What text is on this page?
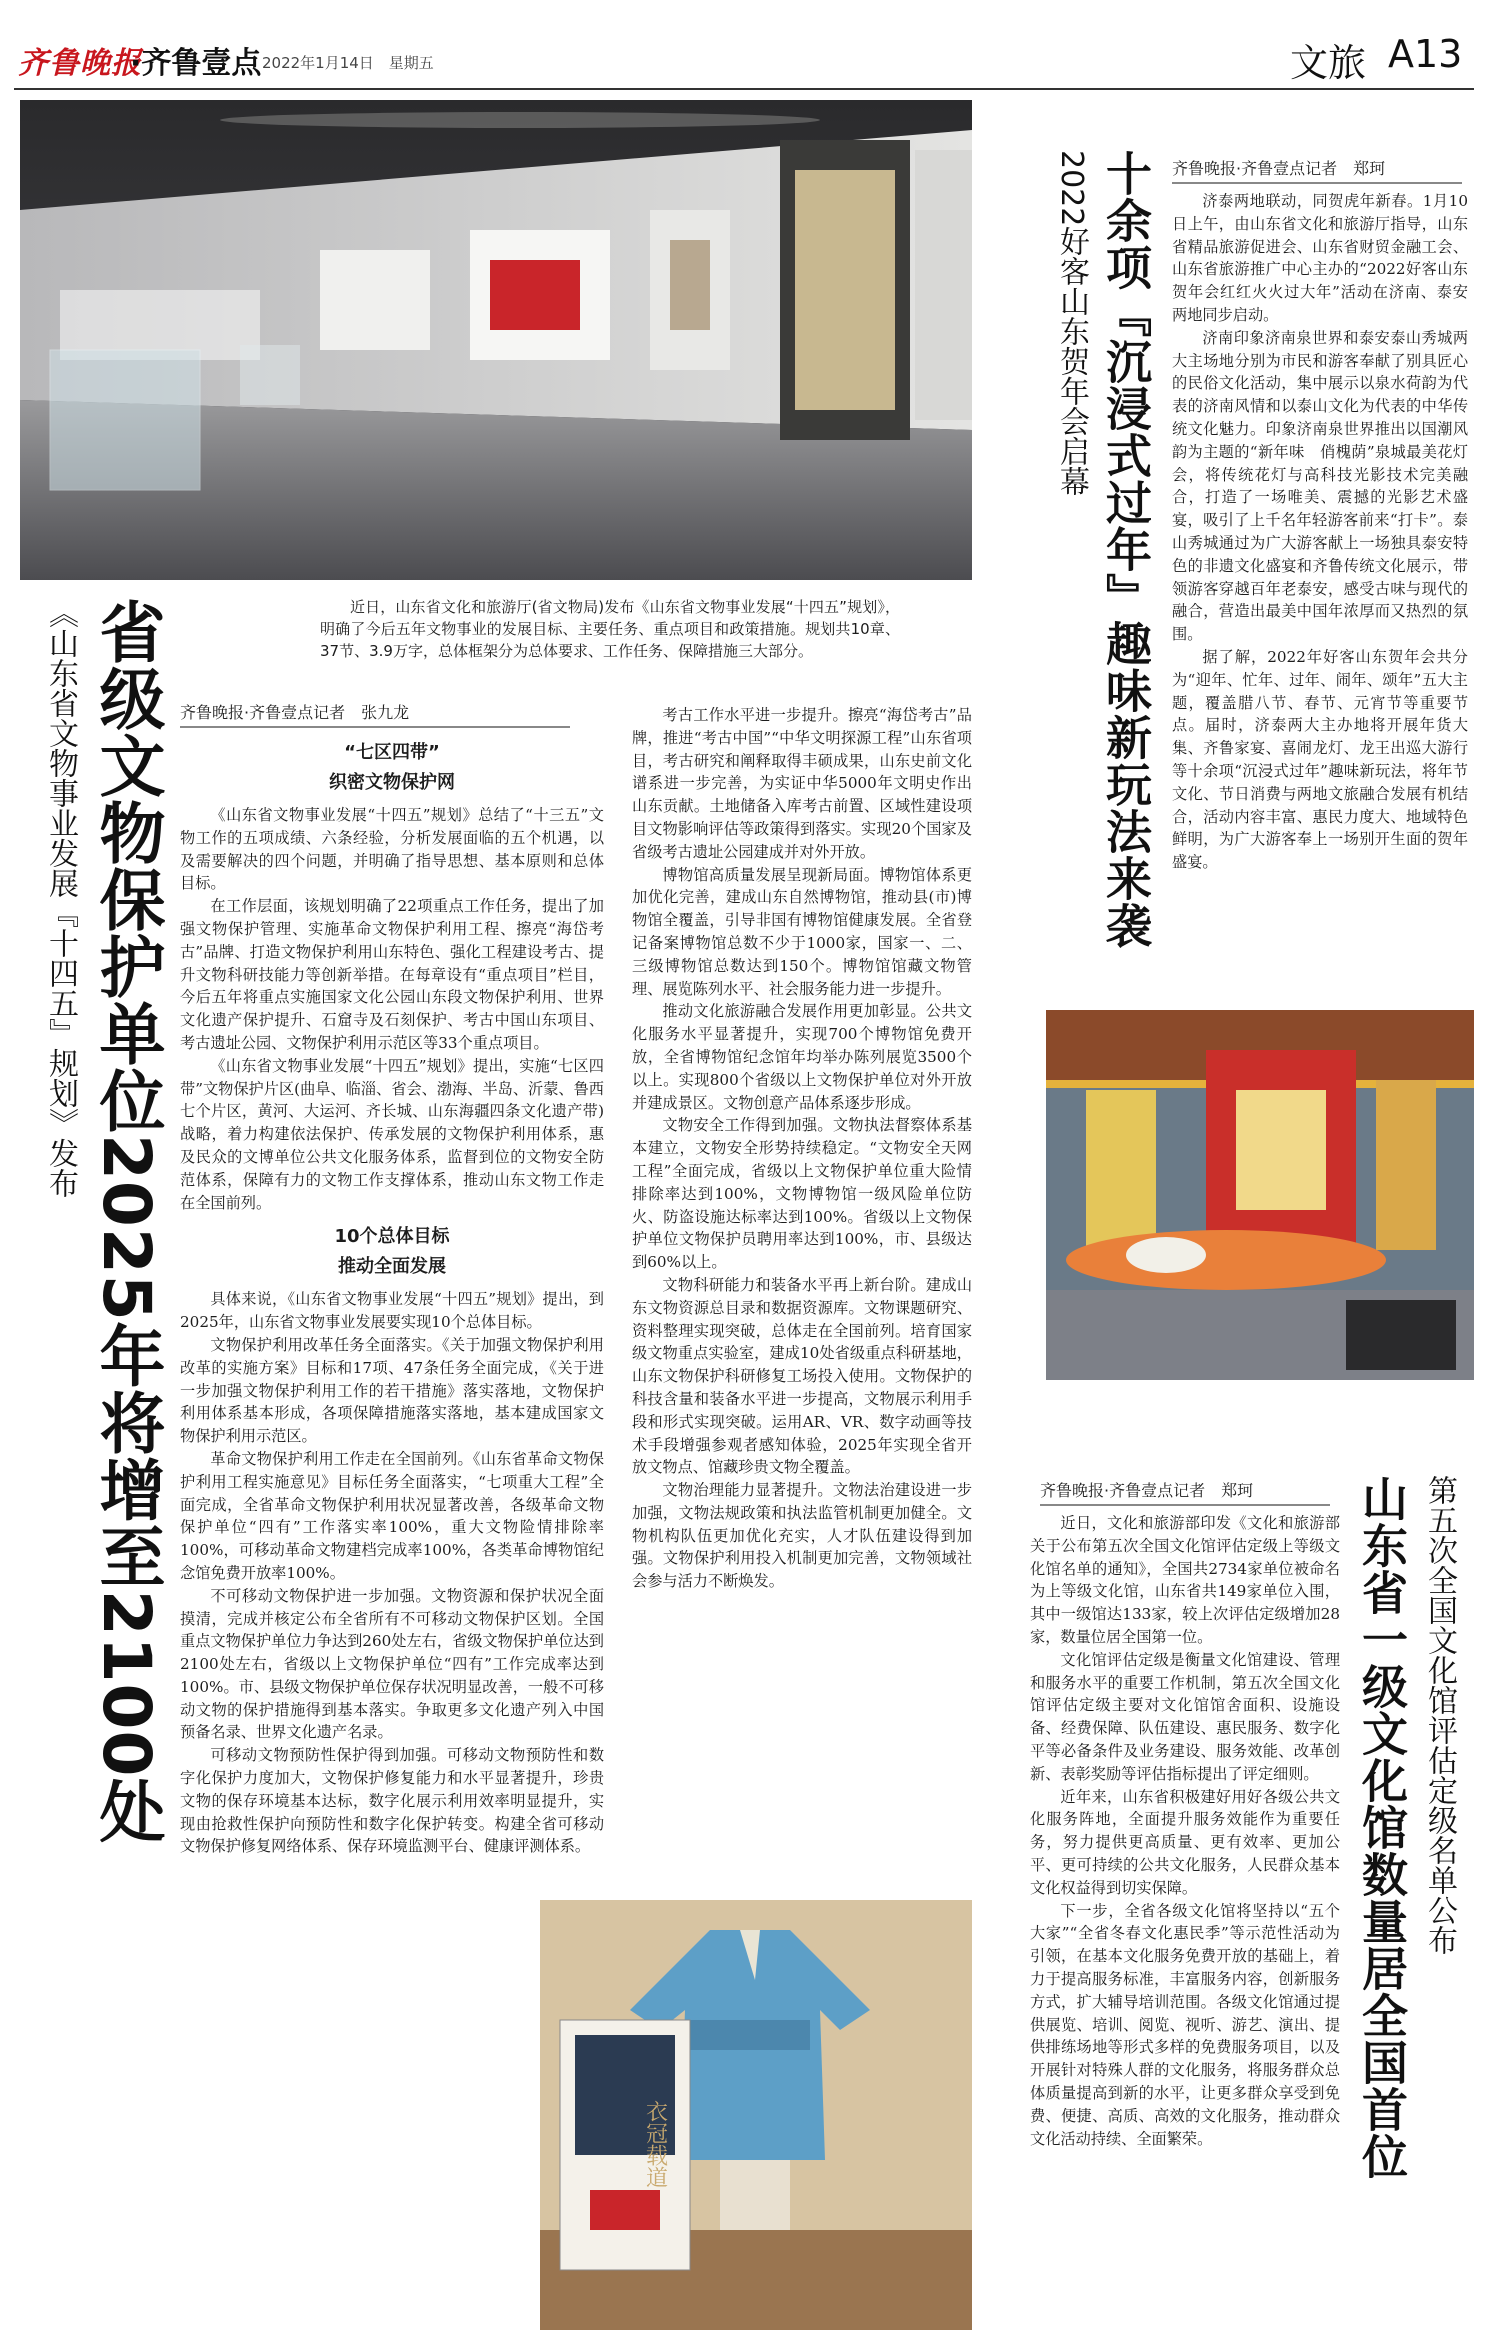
齐鲁晚报
·齐鲁壹点 2022年1月14日　星期五	文旅 A13
近日，山东省文化和旅游厅(省文物局)发布《山东省文物事业发展“十四五”规划》，明确了今后五年文物事业的发展目标、主要任务、重点项目和政策措施。规划共10章、37节、3.9万字，总体框架分为总体要求、工作任务、保障措施三大部分。
省级文物保护单位2025年将增至2100处
《山东省文物事业发展『十四五』规划》发布	齐鲁晚报·齐鲁壹点记者　张九龙
“七区四带”
织密文物保护网

《山东省文物事业发展“十四五”规划》总结了“十三五”文物工作的五项成绩、六条经验，分析发展面临的五个机遇，以及需要解决的四个问题，并明确了指导思想、基本原则和总体目标。

在工作层面，该规划明确了22项重点工作任务，提出了加强文物保护管理、实施革命文物保护利用工程、擦亮“海岱考古”品牌、打造文物保护利用山东特色、强化工程建设考古、提升文物科研技能力等创新举措。在每章设有“重点项目”栏目，今后五年将重点实施国家文化公园山东段文物保护利用、世界文化遗产保护提升、石窟寺及石刻保护、考古中国山东项目、考古遗址公园、文物保护利用示范区等33个重点项目。

《山东省文物事业发展“十四五”规划》提出，实施“七区四带”文物保护片区(曲阜、临淄、省会、渤海、半岛、沂蒙、鲁西七个片区，黄河、大运河、齐长城、山东海疆四条文化遗产带)战略，着力构建依法保护、传承发展的文物保护利用体系，惠及民众的文博单位公共文化服务体系，监督到位的文物安全防范体系，保障有力的文物工作支撑体系，推动山东文物工作走在全国前列。

10个总体目标
推动全面发展

具体来说，《山东省文物事业发展“十四五”规划》提出，到2025年，山东省文物事业发展要实现10个总体目标。

文物保护利用改革任务全面落实。《关于加强文物保护利用改革的实施方案》目标和17项、47条任务全面完成，《关于进一步加强文物保护利用工作的若干措施》落实落地，文物保护利用体系基本形成，各项保障措施落实落地，基本建成国家文物保护利用示范区。

革命文物保护利用工作走在全国前列。《山东省革命文物保护利用工程实施意见》目标任务全面落实，“七项重大工程”全面完成，全省革命文物保护利用状况显著改善，各级革命文物保护单位“四有”工作落实率100%，重大文物险情排除率100%，可移动革命文物建档完成率100%，各类革命博物馆纪念馆免费开放率100%。

不可移动文物保护进一步加强。文物资源和保护状况全面摸清，完成并核定公布全省所有不可移动文物保护区划。全国重点文物保护单位力争达到260处左右，省级文物保护单位达到2100处左右，省级以上文物保护单位“四有”工作完成率达到100%。市、县级文物保护单位保存状况明显改善，一般不可移动文物的保护措施得到基本落实。争取更多文化遗产列入中国预备名录、世界文化遗产名录。

可移动文物预防性保护得到加强。可移动文物预防性和数字化保护力度加大，文物保护修复能力和水平显著提升，珍贵文物的保存环境基本达标，数字化展示利用效率明显提升，实现由抢救性保护向预防性和数字化保护转变。构建全省可移动文物保护修复网络体系、保存环境监测平台、健康评测体系。

考古工作水平进一步提升。擦亮“海岱考古”品牌，推进“考古中国”“中华文明探源工程”山东省项目，考古研究和阐释取得丰硕成果，山东史前文化谱系进一步完善，为实证中华5000年文明史作出山东贡献。土地储备入库考古前置、区域性建设项目文物影响评估等政策得到落实。实现20个国家及省级考古遗址公园建成并对外开放。

博物馆高质量发展呈现新局面。博物馆体系更加优化完善，建成山东自然博物馆，推动县(市)博物馆全覆盖，引导非国有博物馆健康发展。全省登记备案博物馆总数不少于1000家，国家一、二、三级博物馆总数达到150个。博物馆馆藏文物管理、展览陈列水平、社会服务能力进一步提升。

推动文化旅游融合发展作用更加彰显。公共文化服务水平显著提升，实现700个博物馆免费开放，全省博物馆纪念馆年均举办陈列展览3500个以上。实现800个省级以上文物保护单位对外开放并建成景区。文物创意产品体系逐步形成。

文物安全工作得到加强。文物执法督察体系基本建立，文物安全形势持续稳定。“文物安全天网工程”全面完成，省级以上文物保护单位重大险情排除率达到100%，文物博物馆一级风险单位防火、防盗设施达标率达到100%。省级以上文物保护单位文物保护员聘用率达到100%，市、县级达到60%以上。

文物科研能力和装备水平再上新台阶。建成山东文物资源总目录和数据资源库。文物课题研究、资料整理实现突破，总体走在全国前列。培育国家级文物重点实验室，建成10处省级重点科研基地，山东文物保护科研修复工场投入使用。文物保护的科技含量和装备水平进一步提高，文物展示利用手段和形式实现突破。运用AR、VR、数字动画等技术手段增强参观者感知体验，2025年实现全省开放文物点、馆藏珍贵文物全覆盖。

文物治理能力显著提升。文物法治建设进一步加强，文物法规政策和执法监管机制更加健全。文物机构队伍更加优化充实，人才队伍建设得到加强。文物保护利用投入机制更加完善，文物领域社会参与活力不断焕发。

衣冠载道
十余项『沉浸式过年』趣味新玩法来袭
2022好客山东贺年会启幕	齐鲁晚报·齐鲁壹点记者　郑珂

济泰两地联动，同贺虎年新春。1月10日上午，由山东省文化和旅游厅指导，山东省精品旅游促进会、山东省财贸金融工会、山东省旅游推广中心主办的“2022好客山东贺年会红红火火过大年”活动在济南、泰安两地同步启动。

济南印象济南泉世界和泰安泰山秀城两大主场地分别为市民和游客奉献了别具匠心的民俗文化活动，集中展示以泉水荷韵为代表的济南风情和以泰山文化为代表的中华传统文化魅力。印象济南泉世界推出以国潮风韵为主题的“新年味　俏槐荫”泉城最美花灯会，将传统花灯与高科技光影技术完美融合，打造了一场唯美、震撼的光影艺术盛宴，吸引了上千名年轻游客前来“打卡”。泰山秀城通过为广大游客献上一场独具泰安特色的非遗文化盛宴和齐鲁传统文化展示，带领游客穿越百年老泰安，感受古味与现代的融合，营造出最美中国年浓厚而又热烈的氛围。

据了解，2022年好客山东贺年会共分为“迎年、忙年、过年、闹年、颂年”五大主题，覆盖腊八节、春节、元宵节等重要节点。届时，济泰两大主办地将开展年货大集、齐鲁家宴、喜闹龙灯、龙王出巡大游行等十余项“沉浸式过年”趣味新玩法，将年节文化、节日消费与两地文旅融合发展有机结合，活动内容丰富、惠民力度大、地域特色鲜明，为广大游客奉上一场别开生面的贺年盛宴。

山东省一级文化馆数量居全国首位 第五次全国文化馆评估定级名单公布
齐鲁晚报·齐鲁壹点记者　郑珂

近日，文化和旅游部印发《文化和旅游部关于公布第五次全国文化馆评估定级上等级文化馆名单的通知》，全国共2734家单位被命名为上等级文化馆，山东省共149家单位入围，其中一级馆达133家，较上次评估定级增加28家，数量位居全国第一位。

文化馆评估定级是衡量文化馆建设、管理和服务水平的重要工作机制，第五次全国文化馆评估定级主要对文化馆馆舍面积、设施设备、经费保障、队伍建设、惠民服务、数字化平等必备条件及业务建设、服务效能、改革创新、表彰奖励等评估指标提出了评定细则。

近年来，山东省积极建好用好各级公共文化服务阵地，全面提升服务效能作为重要任务，努力提供更高质量、更有效率、更加公平、更可持续的公共文化服务，人民群众基本文化权益得到切实保障。

下一步，全省各级文化馆将坚持以“五个大家”“全省冬春文化惠民季”等示范性活动为引领，在基本文化服务免费开放的基础上，着力于提高服务标准，丰富服务内容，创新服务方式，扩大辅导培训范围。各级文化馆通过提供展览、培训、阅览、视听、游艺、演出、提供排练场地等形式多样的免费服务项目，以及开展针对特殊人群的文化服务，将服务群众总体质量提高到新的水平，让更多群众享受到免费、便捷、高质、高效的文化服务，推动群众文化活动持续、全面繁荣。
